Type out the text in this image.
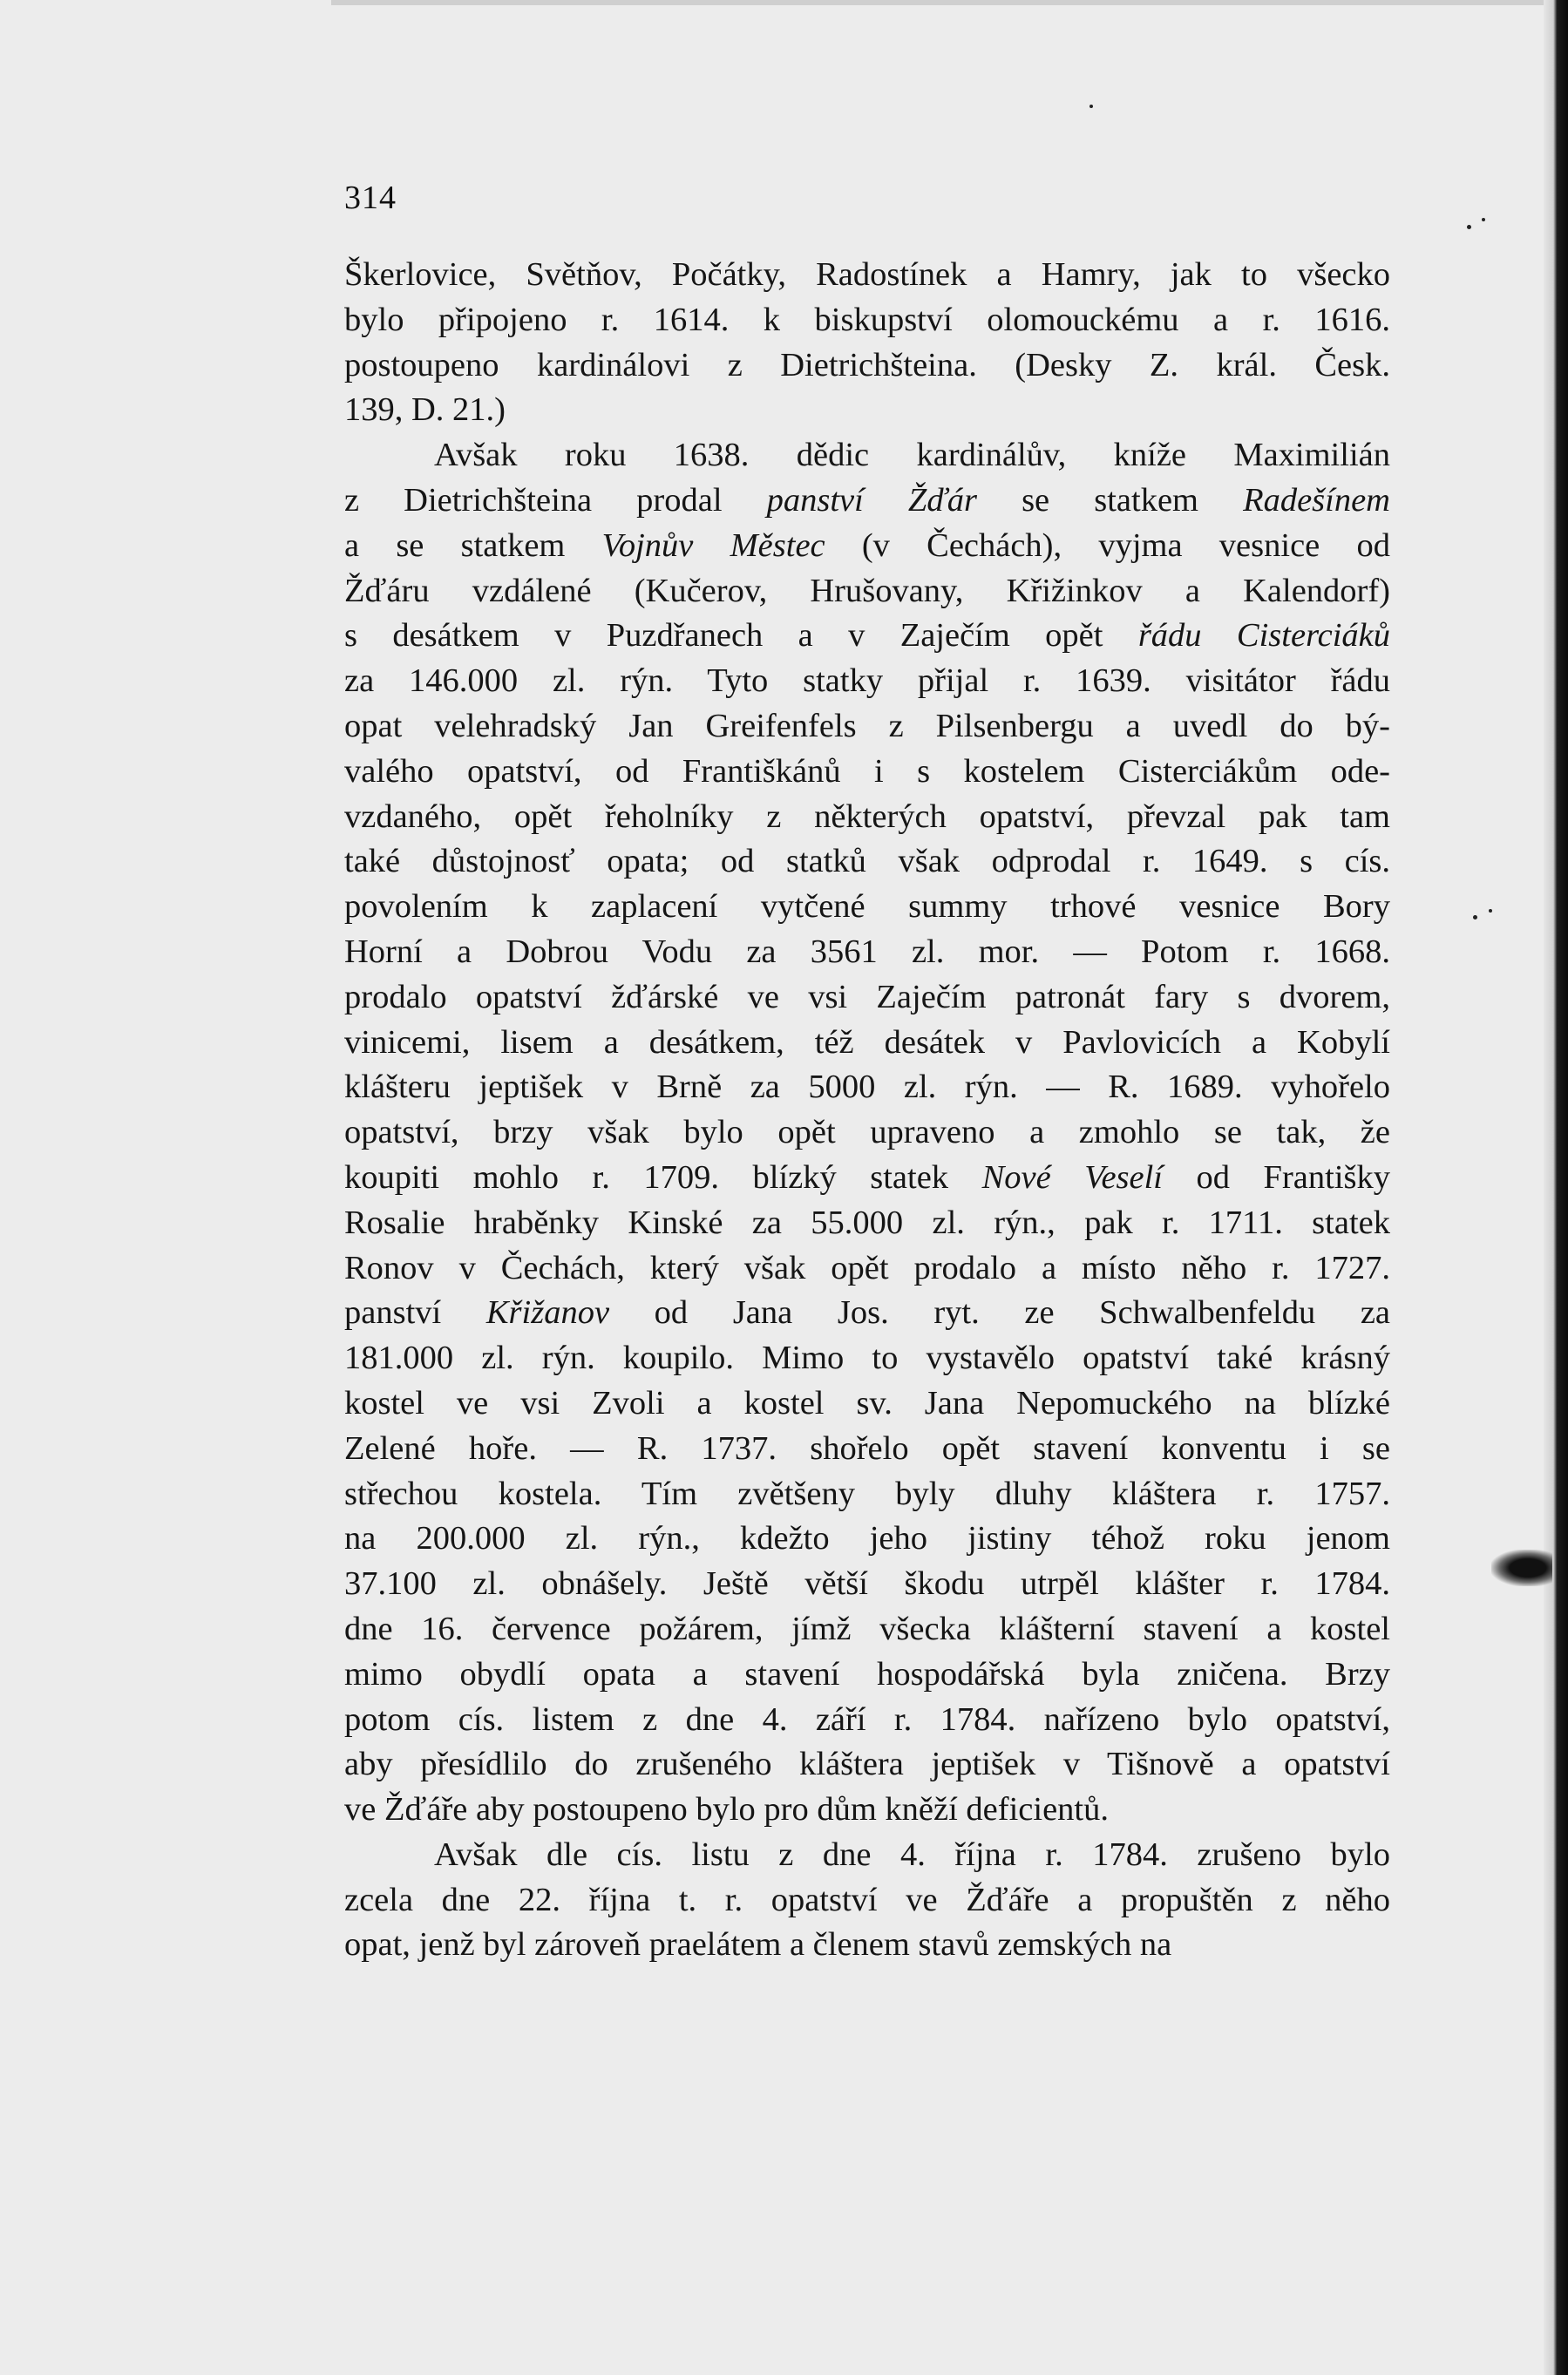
314
Škerlovice, Světňov, Počátky, Radostínek a Hamry, jak to všecko
bylo připojeno r. 1614. k biskupství olomouckému a r. 1616.
postoupeno kardinálovi z Dietrichšteina. (Desky Z. král. Česk.
139, D. 21.)
Avšak roku 1638. dědic kardinálův, kníže Maximilián
z Dietrichšteina prodal panství Žďár se statkem Radešínem
a se statkem Vojnův Městec (v Čechách), vyjma vesnice od
Žďáru vzdálené (Kučerov, Hrušovany, Křižinkov a Kalendorf)
s desátkem v Puzdřanech a v Zaječím opět řádu Cisterciáků
za 146.000 zl. rýn. Tyto statky přijal r. 1639. visitátor řádu
opat velehradský Jan Greifenfels z Pilsenbergu a uvedl do bý-
valého opatství, od Františkánů i s kostelem Cisterciákům ode-
vzdaného, opět řeholníky z některých opatství, převzal pak tam
také důstojnosť opata; od statků však odprodal r. 1649. s cís.
povolením k zaplacení vytčené summy trhové vesnice Bory
Horní a Dobrou Vodu za 3561 zl. mor. — Potom r. 1668.
prodalo opatství žďárské ve vsi Zaječím patronát fary s dvorem,
vinicemi, lisem a desátkem, též desátek v Pavlovicích a Kobylí
klášteru jeptišek v Brně za 5000 zl. rýn. — R. 1689. vyhořelo
opatství, brzy však bylo opět upraveno a zmohlo se tak, že
koupiti mohlo r. 1709. blízký statek Nové Veselí od Františky
Rosalie hraběnky Kinské za 55.000 zl. rýn., pak r. 1711. statek
Ronov v Čechách, který však opět prodalo a místo něho r. 1727.
panství Křižanov od Jana Jos. ryt. ze Schwalbenfeldu za
181.000 zl. rýn. koupilo. Mimo to vystavělo opatství také krásný
kostel ve vsi Zvoli a kostel sv. Jana Nepomuckého na blízké
Zelené hoře. — R. 1737. shořelo opět stavení konventu i se
střechou kostela. Tím zvětšeny byly dluhy kláštera r. 1757.
na 200.000 zl. rýn., kdežto jeho jistiny téhož roku jenom
37.100 zl. obnášely. Ještě větší škodu utrpěl klášter r. 1784.
dne 16. července požárem, jímž všecka klášterní stavení a kostel
mimo obydlí opata a stavení hospodářská byla zničena. Brzy
potom cís. listem z dne 4. září r. 1784. nařízeno bylo opatství,
aby přesídlilo do zrušeného kláštera jeptišek v Tišnově a opatství
ve Žďáře aby postoupeno bylo pro dům kněží deficientů.
Avšak dle cís. listu z dne 4. října r. 1784. zrušeno bylo
zcela dne 22. října t. r. opatství ve Žďáře a propuštěn z něho
opat, jenž byl zároveň praelátem a členem stavů zemských na
